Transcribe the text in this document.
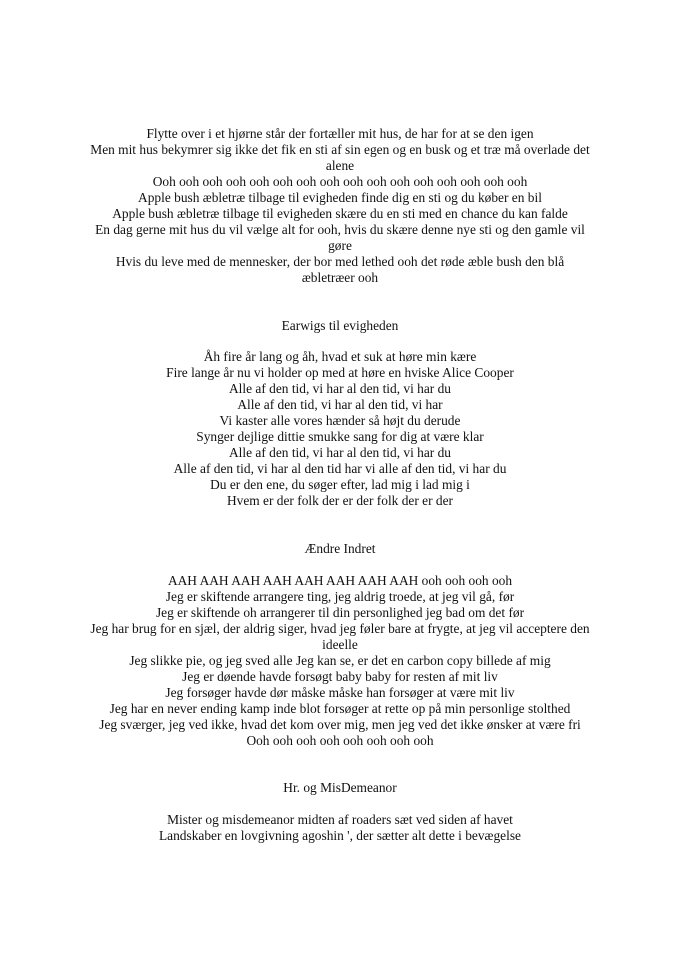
Flytte over i et hjørne står der fortæller mit hus, de har for at se den igen
Men mit hus bekymrer sig ikke det fik en sti af sin egen og en busk og et træ må overlade det alene
Ooh ooh ooh ooh ooh ooh ooh ooh ooh ooh ooh ooh ooh ooh ooh ooh
Apple bush æbletræ tilbage til evigheden finde dig en sti og du køber en bil
Apple bush æbletræ tilbage til evigheden skære du en sti med en chance du kan falde
En dag gerne mit hus du vil vælge alt for ooh, hvis du skære denne nye sti og den gamle vil gøre
Hvis du leve med de mennesker, der bor med lethed ooh det røde æble bush den blå æbletræer ooh
Earwigs til evigheden
Åh fire år lang og åh, hvad et suk at høre min kære
Fire lange år nu vi holder op med at høre en hviske Alice Cooper
Alle af den tid, vi har al den tid, vi har du
Alle af den tid, vi har al den tid, vi har
Vi kaster alle vores hænder så højt du derude
Synger dejlige dittie smukke sang for dig at være klar
Alle af den tid, vi har al den tid, vi har du
Alle af den tid, vi har al den tid har vi alle af den tid, vi har du
Du er den ene, du søger efter, lad mig i lad mig i
Hvem er der folk der er der folk der er der
Ændre Indret
AAH AAH AAH AAH AAH AAH AAH AAH ooh ooh ooh ooh
Jeg er skiftende arrangere ting, jeg aldrig troede, at jeg vil gå, før
Jeg er skiftende oh arrangerer til din personlighed jeg bad om det før
Jeg har brug for en sjæl, der aldrig siger, hvad jeg føler bare at frygte, at jeg vil acceptere den ideelle
Jeg slikke pie, og jeg sved alle Jeg kan se, er det en carbon copy billede af mig
Jeg er døende havde forsøgt baby baby for resten af mit liv
Jeg forsøger havde dør måske måske han forsøger at være mit liv
Jeg har en never ending kamp inde blot forsøger at rette op på min personlige stolthed
Jeg sværger, jeg ved ikke, hvad det kom over mig, men jeg ved det ikke ønsker at være fri
Ooh ooh ooh ooh ooh ooh ooh ooh
Hr. og MisDemeanor
Mister og misdemeanor midten af roaders sæt ved siden af havet
Landskaber en lovgivning agoshin ', der sætter alt dette i bevægelse
